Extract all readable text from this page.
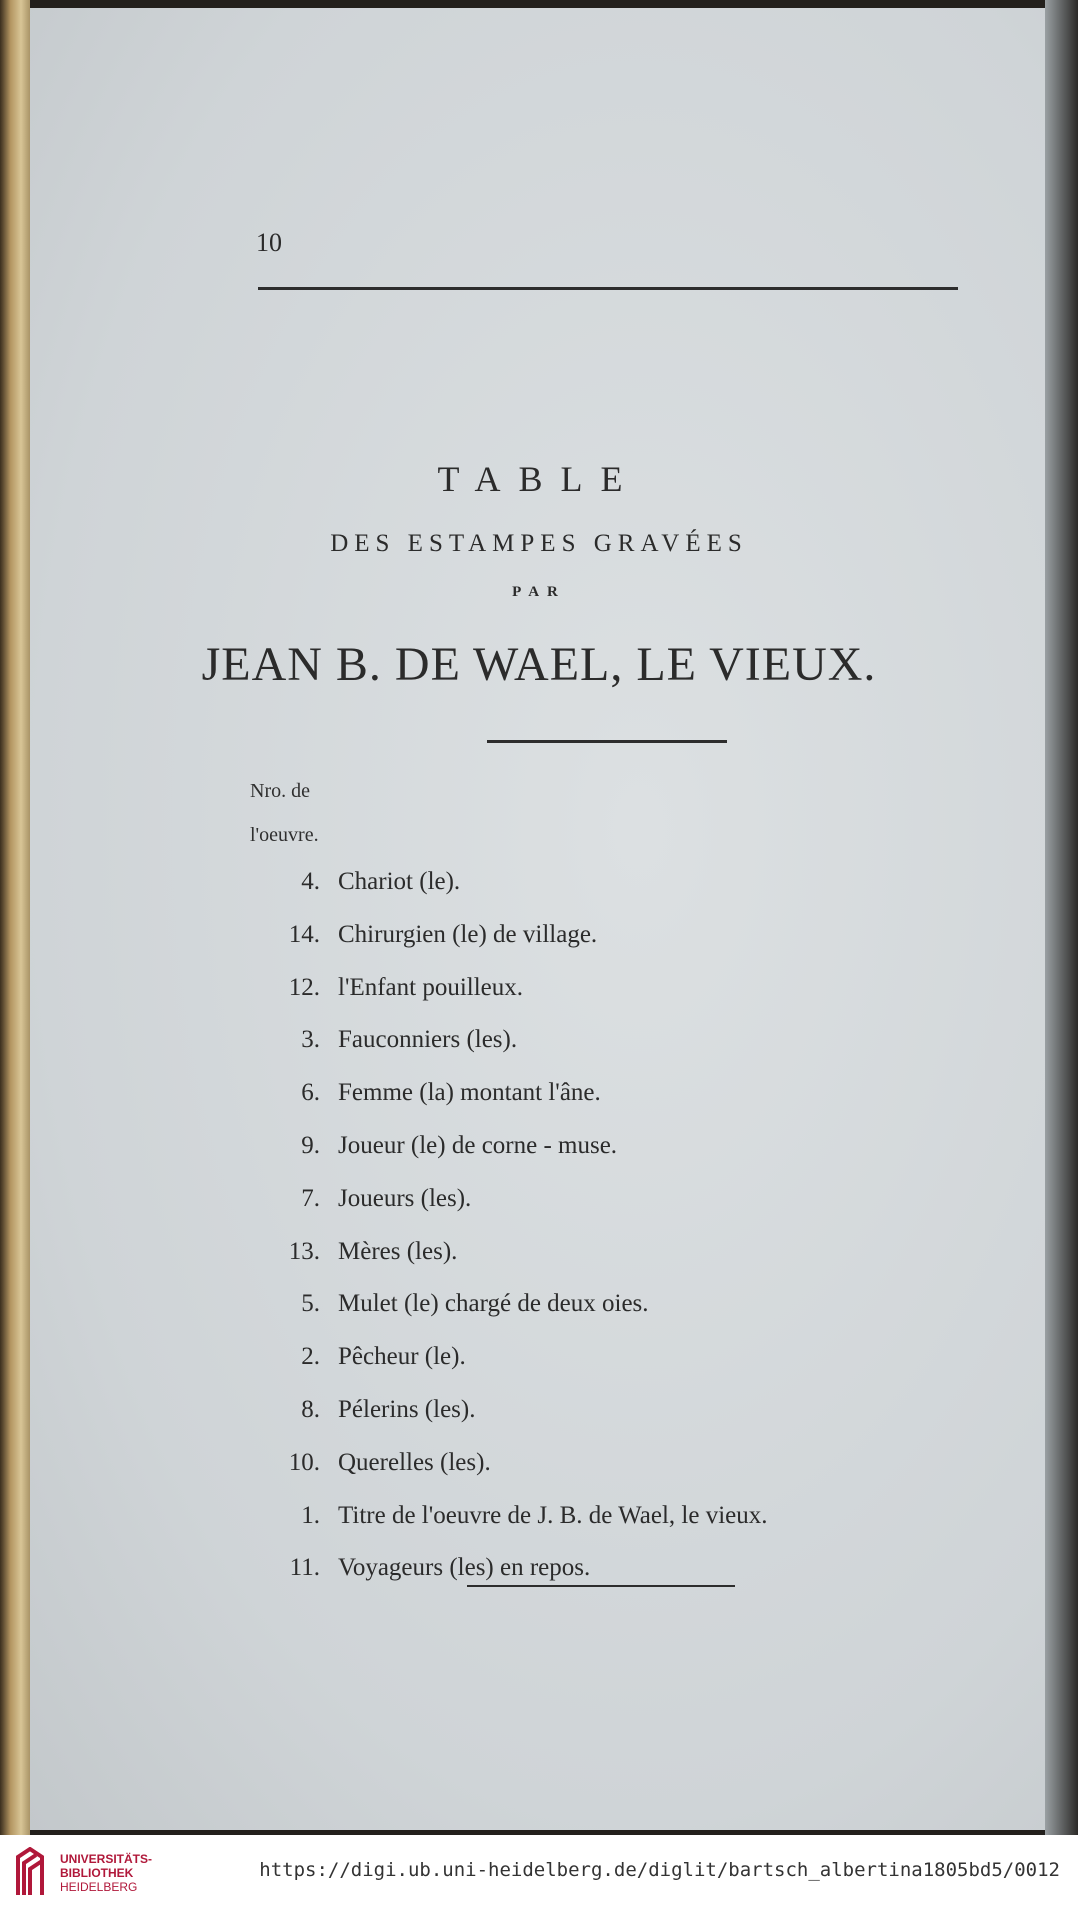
10
TABLE
DES ESTAMPES GRAVÉES
PAR
JEAN B. DE WAEL, LE VIEUX.
Nro. de
l'oeuvre.
4. Chariot (le).
14. Chirurgien (le) de village.
12. l'Enfant pouilleux.
3. Fauconniers (les).
6. Femme (la) montant l'âne.
9. Joueur (le) de corne - muse.
7. Joueurs (les).
13. Mères (les).
5. Mulet (le) chargé de deux oies.
2. Pêcheur (le).
8. Pélerins (les).
10. Querelles (les).
1. Titre de l'oeuvre de J. B. de Wael, le vieux.
11. Voyageurs (les) en repos.
UNIVERSITÄTS-
BIBLIOTHEK
HEIDELBERG
https://digi.ub.uni-heidelberg.de/diglit/bartsch_albertina1805bd5/0012
